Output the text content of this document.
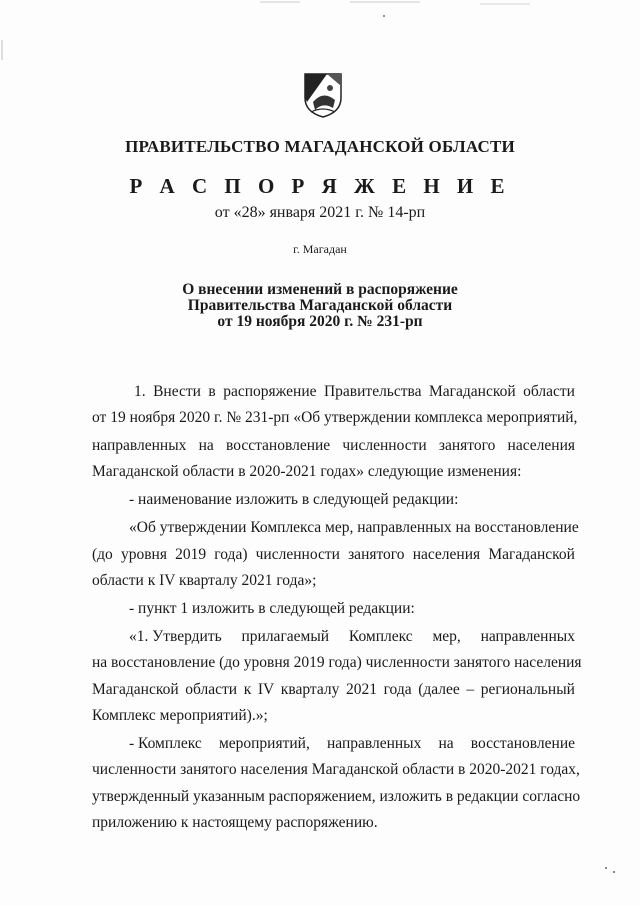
ПРАВИТЕЛЬСТВО МАГАДАНСКОЙ ОБЛАСТИ
Р А С П О Р Я Ж Е Н И Е
от «28» января 2021 г. № 14-рп
г. Магадан
О внесении изменений в распоряжение
Правительства Магаданской области
от 19 ноября 2020 г. № 231-рп
1. Внести в распоряжение Правительства Магаданской области
от 19 ноября 2020 г. № 231-рп «Об утверждении комплекса мероприятий,
направленных на восстановление численности занятого населения
Магаданской области в 2020-2021 годах» следующие изменения:
- наименование изложить в следующей редакции:
«Об утверждении Комплекса мер, направленных на восстановление
(до уровня 2019 года) численности занятого населения Магаданской
области к IV кварталу 2021 года»;
- пункт 1 изложить в следующей редакции:
«1. Утвердить прилагаемый Комплекс мер, направленных
на восстановление (до уровня 2019 года) численности занятого населения
Магаданской области к IV кварталу 2021 года (далее – региональный
Комплекс мероприятий).»;
- Комплекс мероприятий, направленных на восстановление
численности занятого населения Магаданской области в 2020-2021 годах,
утвержденный указанным распоряжением, изложить в редакции согласно
приложению к настоящему распоряжению.
